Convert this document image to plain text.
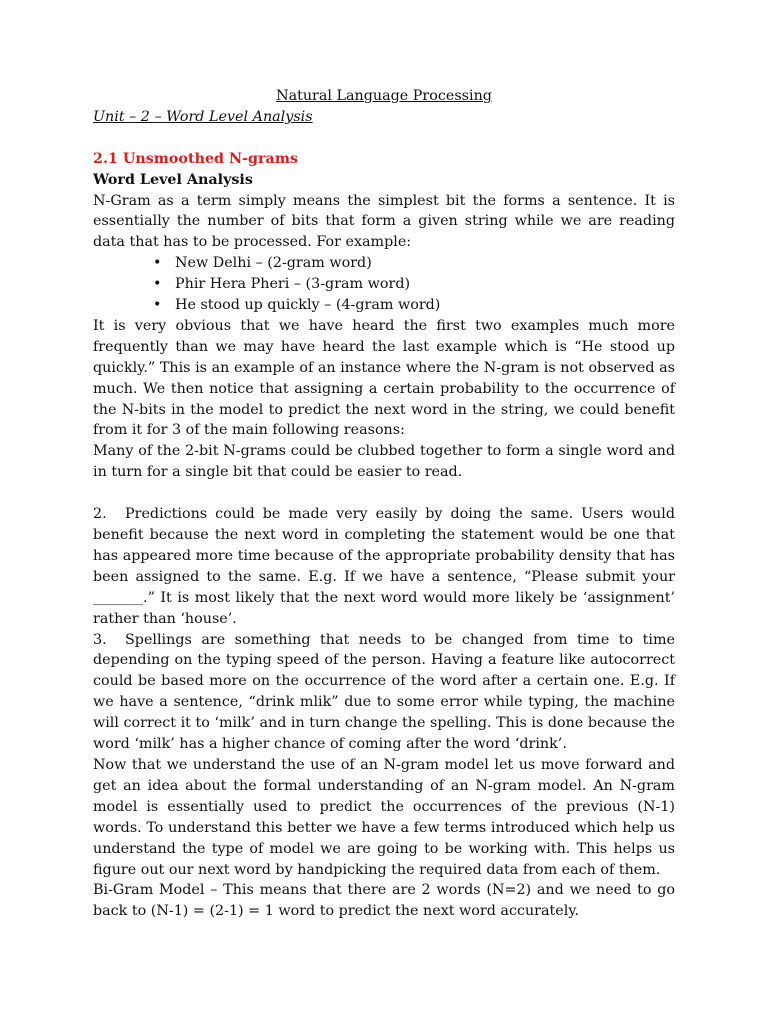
Natural Language Processing

Unit – 2 – Word Level Analysis

2.1 Unsmoothed N-grams

Word Level Analysis

N-Gram as a term simply means the simplest bit the forms a sentence. It is essentially the number of bits that form a given string while we are reading data that has to be processed. For example:

• New Delhi – (2-gram word)
• Phir Hera Pheri – (3-gram word)
• He stood up quickly – (4-gram word)

It is very obvious that we have heard the first two examples much more frequently than we may have heard the last example which is “He stood up quickly.” This is an example of an instance where the N-gram is not observed as much. We then notice that assigning a certain probability to the occurrence of the N-bits in the model to predict the next word in the string, we could benefit from it for 3 of the main following reasons:

Many of the 2-bit N-grams could be clubbed together to form a single word and in turn for a single bit that could be easier to read.

2. Predictions could be made very easily by doing the same. Users would benefit because the next word in completing the statement would be one that has appeared more time because of the appropriate probability density that has been assigned to the same. E.g. If we have a sentence, “Please submit your _______.” It is most likely that the next word would more likely be ‘assignment’ rather than ‘house’.

3. Spellings are something that needs to be changed from time to time depending on the typing speed of the person. Having a feature like autocorrect could be based more on the occurrence of the word after a certain one. E.g. If we have a sentence, “drink mlik” due to some error while typing, the machine will correct it to ‘milk’ and in turn change the spelling. This is done because the word ‘milk’ has a higher chance of coming after the word ‘drink’.

Now that we understand the use of an N-gram model let us move forward and get an idea about the formal understanding of an N-gram model. An N-gram model is essentially used to predict the occurrences of the previous (N-1) words. To understand this better we have a few terms introduced which help us understand the type of model we are going to be working with. This helps us figure out our next word by handpicking the required data from each of them.

Bi-Gram Model – This means that there are 2 words (N=2) and we need to go back to (N-1) = (2-1) = 1 word to predict the next word accurately.
